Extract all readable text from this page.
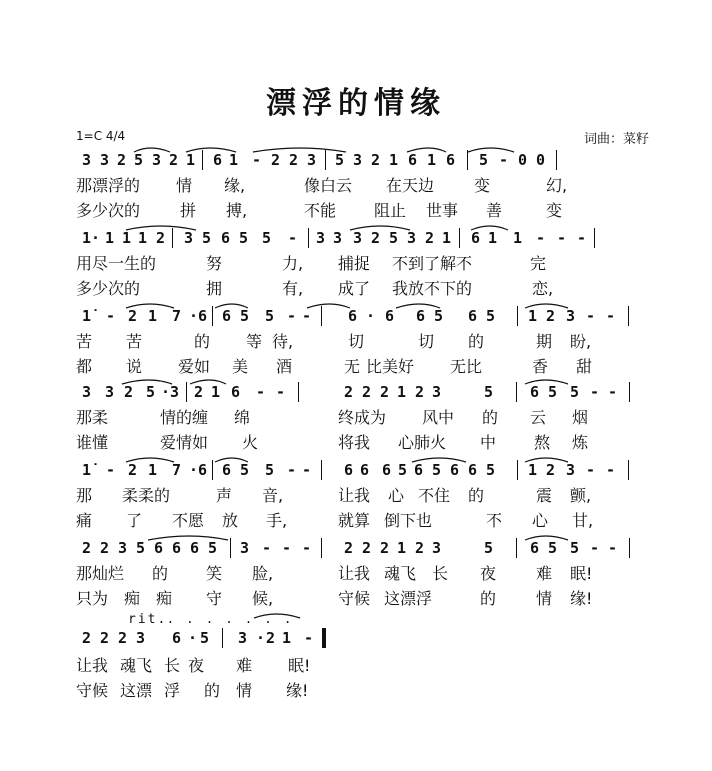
漂浮的情缘
1=C 4/4	词曲：菜籽
rit. . . . . . . .
3 3 2 5 3 2 1 6 1 - 2 2 3 5 3 2 1 6 1 6 5 - 0 0
那漂浮的 情 缘,	像白云 在天边 变	幻,
多少次的 拼 搏,	不能 阻止 世事 善	变
1· 1 1 1 2 3 5 6 5 5 - 3 3 3 2 5 3 2 1 6 1 1 - - -
用尽一生的	努	力, 捕捉 不到了解不	完
多少次的	拥	有, 成了 我放不下的	恋,
1̇ - 2 1 7 ·6 6 5 5 - - 6 · 6 6 5 6 5 1 2 3 - -
苦 苦	的 等 待,	切	切 的	期 盼,
都 说 爱如 美 酒	无 比美好 无比	香 甜
3 3 2 5 ·3 2 1 6 - -	2 2 2 1 2 3	5 6 5 5 - -
那柔	情的缠 绵	终成为 风中 的 云 烟
谁懂	爱情如 火	将我 心肺火 中 熬 炼
1̇ - 2 1 7 ·6 6 5 5 - - 6 6 6 5 6 5 6 6 5 1 2 3 - -
那 柔柔的	声 音,	让我 心 不住 的	震 颤,
痛 了 不愿 放 手,	就算 倒下也	不 心 甘,
2 2 3 5 6 6 6 5 3 - - - 2 2 2 1 2 3	5 6 5 5 - -
那灿烂 的 笑 脸,	让我 魂飞 长 夜 难 眠!
只为 痴 痴 守 候,	守候 这漂浮	的 情 缘!
2 2 2 3 6 · 5 3 · 2 1 -
让我 魂飞 长 夜 难 眠!
守候 这漂 浮 的 情 缘!
